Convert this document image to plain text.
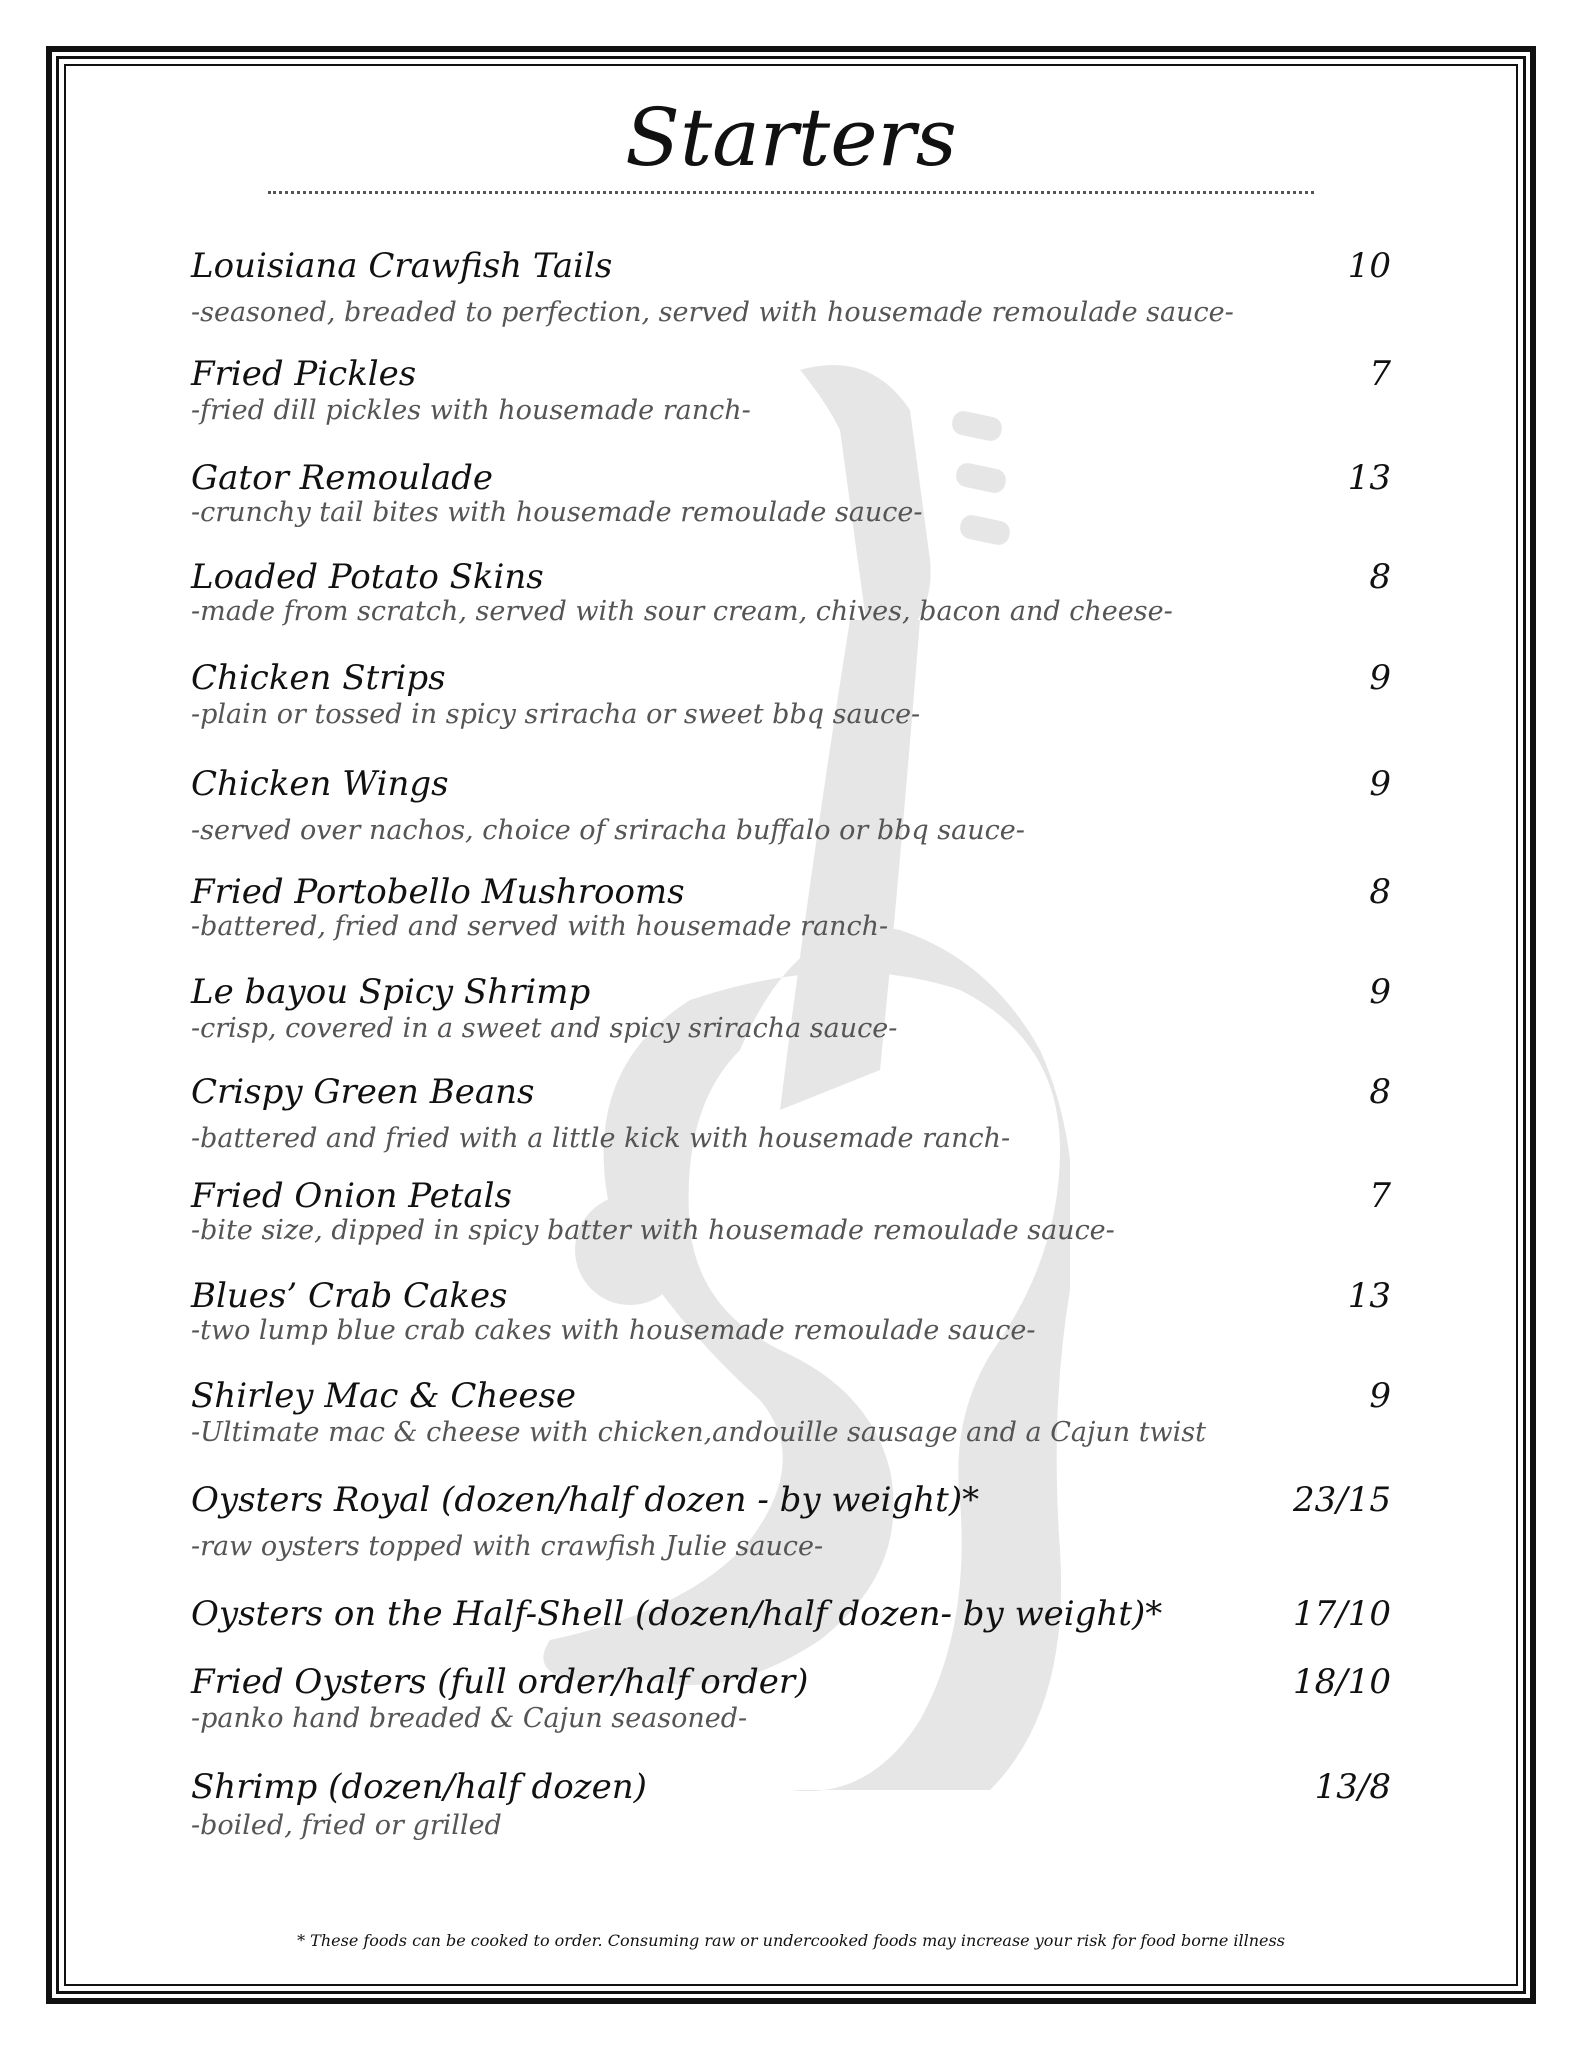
Starters
Louisiana Crawfish Tails	10
-seasoned, breaded to perfection, served with housemade remoulade sauce-
Fried Pickles	7
-fried dill pickles with housemade ranch-
Gator Remoulade	13
-crunchy tail bites with housemade remoulade sauce-
Loaded Potato Skins	8
-made from scratch, served with sour cream, chives, bacon and cheese-
Chicken Strips	9
-plain or tossed in spicy sriracha or sweet bbq sauce-
Chicken Wings	9
-served over nachos, choice of sriracha buffalo or bbq sauce-
Fried Portobello Mushrooms	8
-battered, fried and served with housemade ranch-
Le bayou Spicy Shrimp	9
-crisp, covered in a sweet and spicy sriracha sauce-
Crispy Green Beans	8
-battered and fried with a little kick with housemade ranch-
Fried Onion Petals	7
-bite size, dipped in spicy batter with housemade remoulade sauce-
Blues’ Crab Cakes	13
-two lump blue crab cakes with housemade remoulade sauce-
Shirley Mac & Cheese	9
-Ultimate mac & cheese with chicken,andouille sausage and a Cajun twist
Oysters Royal (dozen/half dozen - by weight)*	23/15
-raw oysters topped with crawfish Julie sauce-
Oysters on the Half-Shell (dozen/half dozen- by weight)*	17/10
Fried Oysters (full order/half order)	18/10
-panko hand breaded & Cajun seasoned-
Shrimp (dozen/half dozen)	13/8
-boiled, fried or grilled
* These foods can be cooked to order. Consuming raw or undercooked foods may increase your risk for food borne illness
